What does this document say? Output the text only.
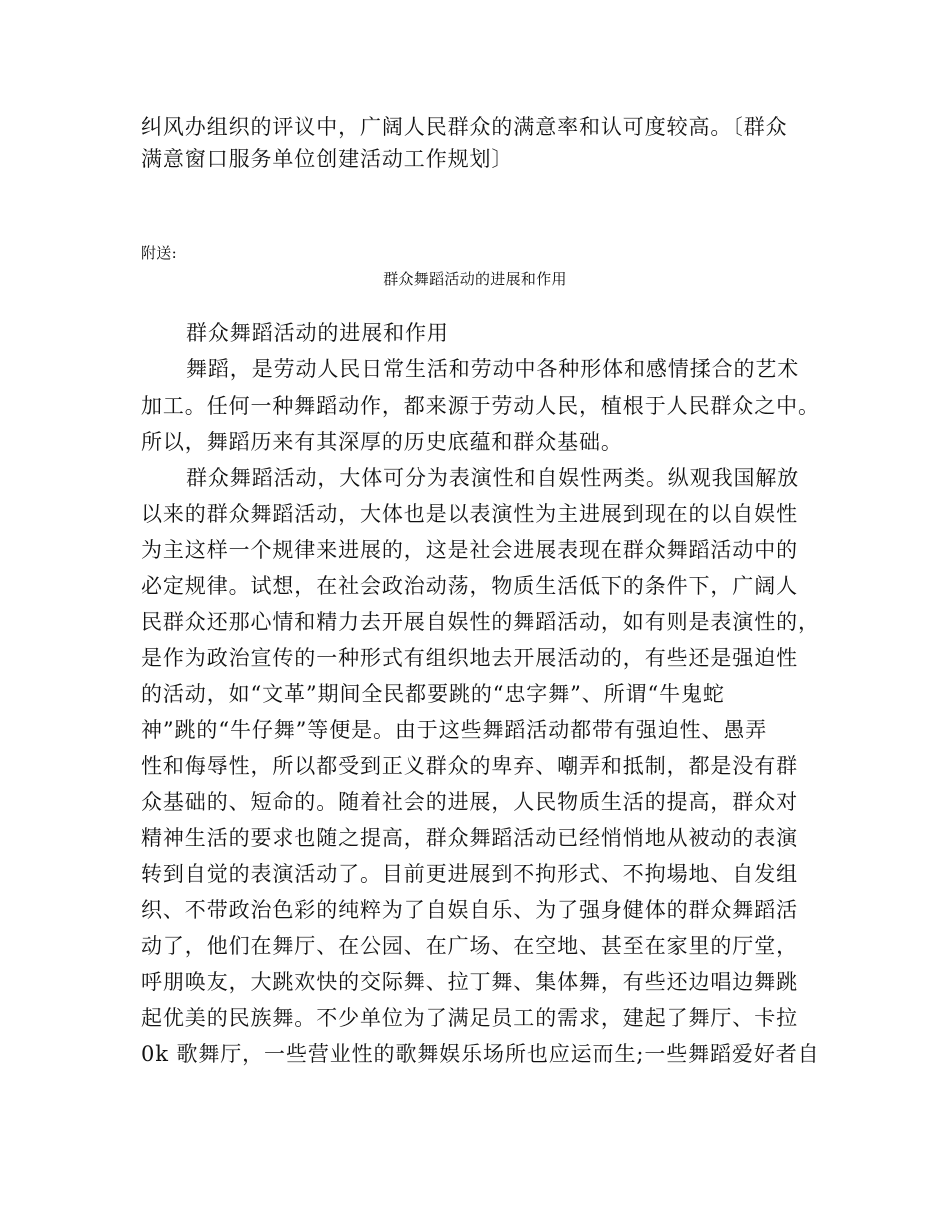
纠风办组织的评议中，广阔人民群众的满意率和认可度较高。〔群众
满意窗口服务单位创建活动工作规划〕
附送:
群众舞蹈活动的进展和作用
群众舞蹈活动的进展和作用
舞蹈，是劳动人民日常生活和劳动中各种形体和感情揉合的艺术
加工。任何一种舞蹈动作，都来源于劳动人民，植根于人民群众之中。
所以，舞蹈历来有其深厚的历史底蕴和群众基础。
群众舞蹈活动，大体可分为表演性和自娱性两类。纵观我国解放
以来的群众舞蹈活动，大体也是以表演性为主进展到现在的以自娱性
为主这样一个规律来进展的，这是社会进展表现在群众舞蹈活动中的
必定规律。试想，在社会政治动荡，物质生活低下的条件下，广阔人
民群众还那心情和精力去开展自娱性的舞蹈活动，如有则是表演性的，
是作为政治宣传的一种形式有组织地去开展活动的，有些还是强迫性
的活动，如“文革”期间全民都要跳的“忠字舞”、所谓“牛鬼蛇
神”跳的“牛仔舞”等便是。由于这些舞蹈活动都带有强迫性、愚弄
性和侮辱性，所以都受到正义群众的卑弃、嘲弄和抵制，都是没有群
众基础的、短命的。随着社会的进展，人民物质生活的提高，群众对
精神生活的要求也随之提高，群众舞蹈活动已经悄悄地从被动的表演
转到自觉的表演活动了。目前更进展到不拘形式、不拘場地、自发组
织、不带政治色彩的纯粹为了自娱自乐、为了强身健体的群众舞蹈活
动了，他们在舞厅、在公园、在广场、在空地、甚至在家里的厅堂，
呼朋唤友，大跳欢快的交际舞、拉丁舞、集体舞，有些还边唱边舞跳
起优美的民族舞。不少单位为了满足员工的需求，建起了舞厅、卡拉
0k 歌舞厅，一些营业性的歌舞娱乐场所也应运而生;一些舞蹈爱好者自
